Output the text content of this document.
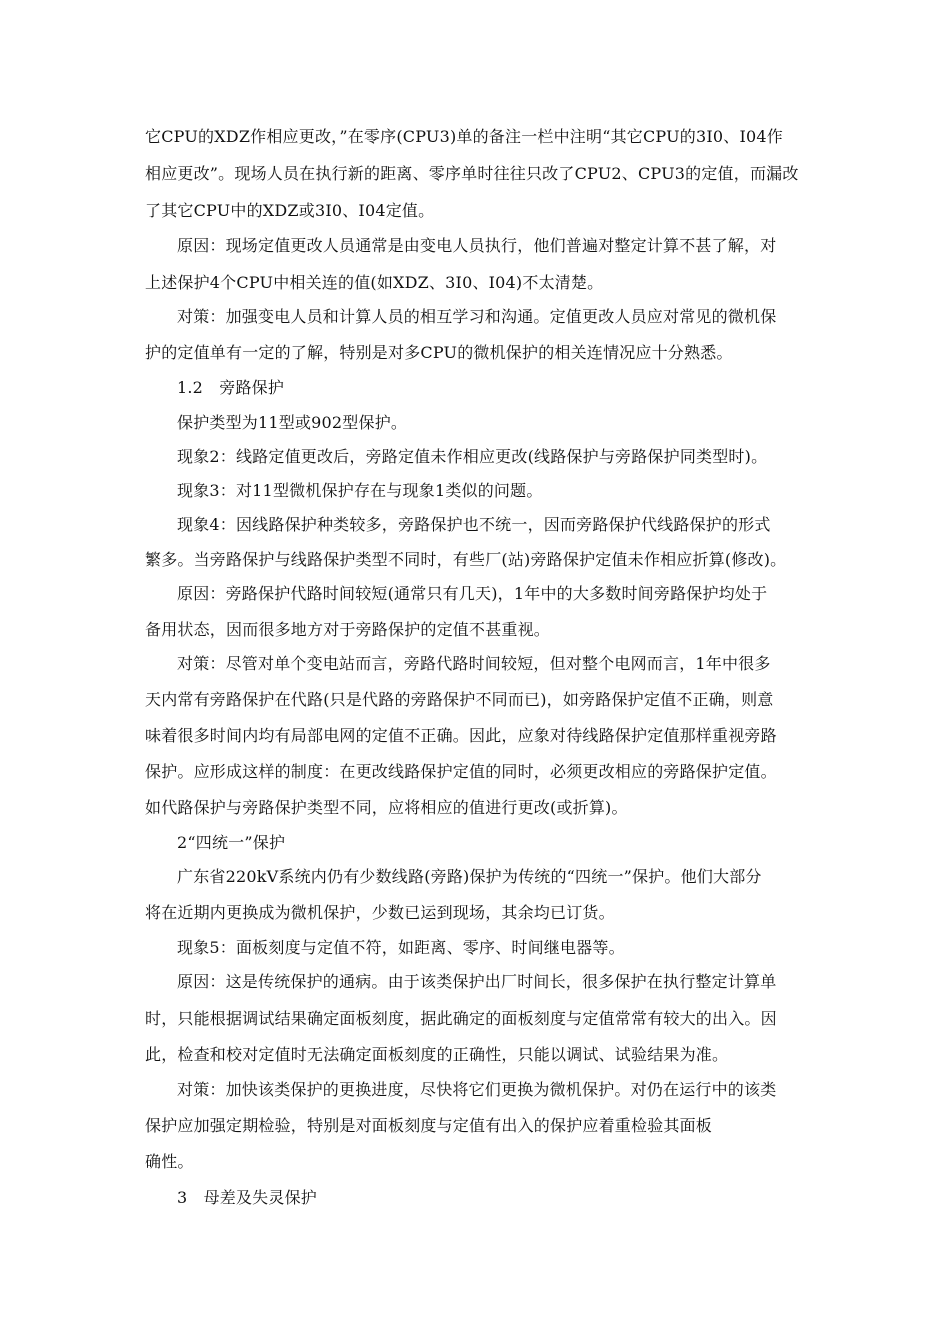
它CPU的XDZ作相应更改，”在零序(CPU3)单的备注一栏中注明“其它CPU的3I0、I04作
相应更改”。现场人员在执行新的距离、零序单时往往只改了CPU2、CPU3的定值，而漏改
了其它CPU中的XDZ或3I0、I04定值。
原因：现场定值更改人员通常是由变电人员执行，他们普遍对整定计算不甚了解，对
上述保护4个CPU中相关连的值(如XDZ、3I0、I04)不太清楚。
对策：加强变电人员和计算人员的相互学习和沟通。定值更改人员应对常见的微机保
护的定值单有一定的了解，特别是对多CPU的微机保护的相关连情况应十分熟悉。
1.2　旁路保护
保护类型为11型或902型保护。
现象2：线路定值更改后，旁路定值未作相应更改(线路保护与旁路保护同类型时)。
现象3：对11型微机保护存在与现象1类似的问题。
现象4：因线路保护种类较多，旁路保护也不统一，因而旁路保护代线路保护的形式
繁多。当旁路保护与线路保护类型不同时，有些厂(站)旁路保护定值未作相应折算(修改)。
原因：旁路保护代路时间较短(通常只有几天)，1年中的大多数时间旁路保护均处于
备用状态，因而很多地方对于旁路保护的定值不甚重视。
对策：尽管对单个变电站而言，旁路代路时间较短，但对整个电网而言，1年中很多
天内常有旁路保护在代路(只是代路的旁路保护不同而已)，如旁路保护定值不正确，则意
味着很多时间内均有局部电网的定值不正确。因此，应象对待线路保护定值那样重视旁路
保护。应形成这样的制度：在更改线路保护定值的同时，必须更改相应的旁路保护定值。
如代路保护与旁路保护类型不同，应将相应的值进行更改(或折算)。
2“四统一”保护
广东省220kV系统内仍有少数线路(旁路)保护为传统的“四统一”保护。他们大部分
将在近期内更换成为微机保护，少数已运到现场，其余均已订货。
现象5：面板刻度与定值不符，如距离、零序、时间继电器等。
原因：这是传统保护的通病。由于该类保护出厂时间长，很多保护在执行整定计算单
时，只能根据调试结果确定面板刻度，据此确定的面板刻度与定值常常有较大的出入。因
此，检查和校对定值时无法确定面板刻度的正确性，只能以调试、试验结果为准。
对策：加快该类保护的更换进度，尽快将它们更换为微机保护。对仍在运行中的该类
保护应加强定期检验，特别是对面板刻度与定值有出入的保护应着重检验其面板
确性。
3　母差及失灵保护
